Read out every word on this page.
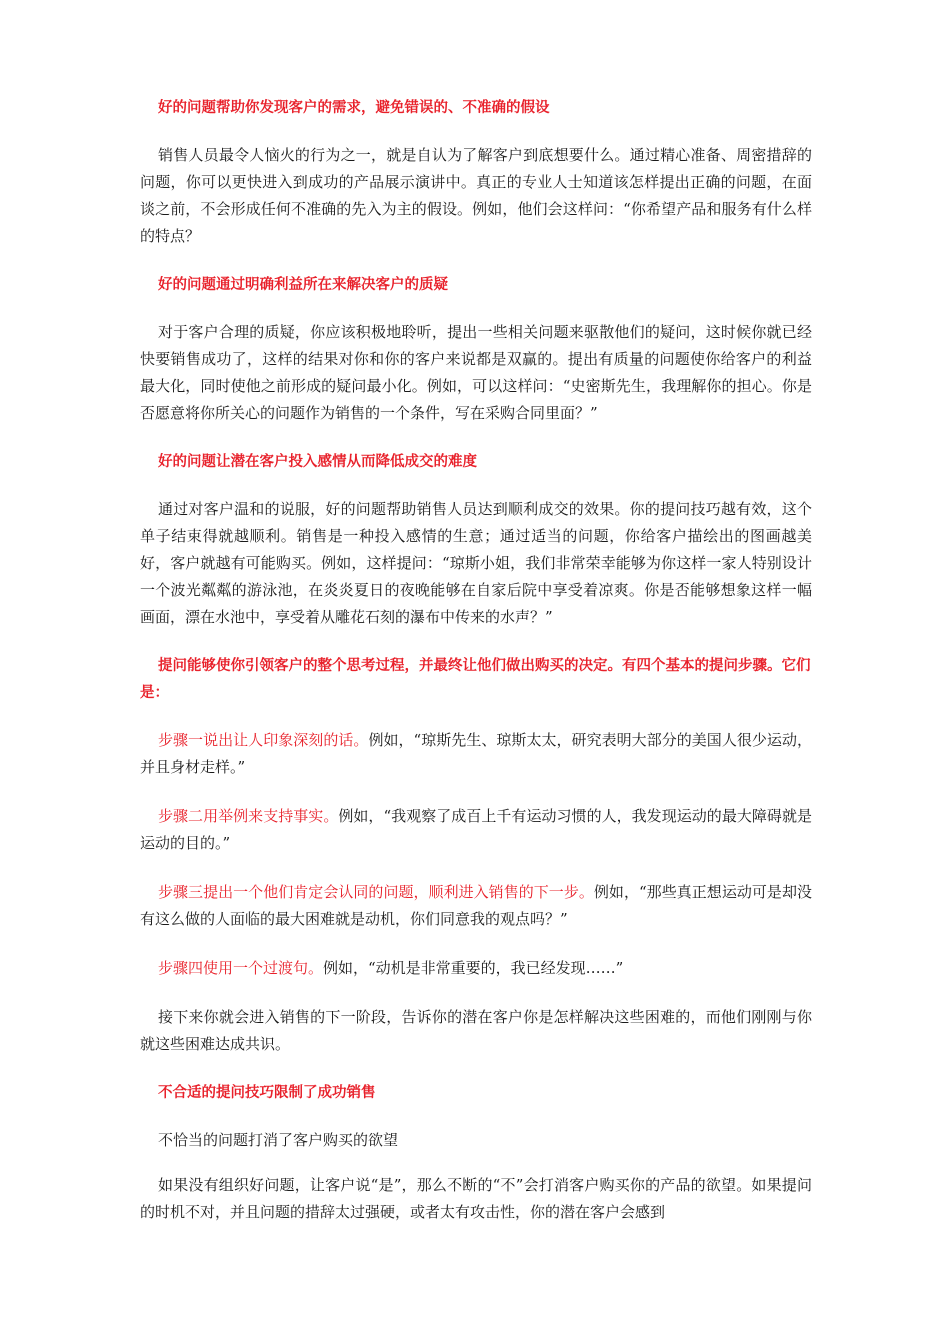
好的问题帮助你发现客户的需求，避免错误的、不准确的假设

销售人员最令人恼火的行为之一，就是自认为了解客户到底想要什么。通过精心准备、周密措辞的问题，你可以更快进入到成功的产品展示演讲中。真正的专业人士知道该怎样提出正确的问题，在面谈之前，不会形成任何不准确的先入为主的假设。例如，他们会这样问：“你希望产品和服务有什么样的特点？

好的问题通过明确利益所在来解决客户的质疑

对于客户合理的质疑，你应该积极地聆听，提出一些相关问题来驱散他们的疑问，这时候你就已经快要销售成功了，这样的结果对你和你的客户来说都是双赢的。提出有质量的问题使你给客户的利益最大化，同时使他之前形成的疑问最小化。例如，可以这样问：“史密斯先生，我理解你的担心。你是否愿意将你所关心的问题作为销售的一个条件，写在采购合同里面？”

好的问题让潜在客户投入感情从而降低成交的难度

通过对客户温和的说服，好的问题帮助销售人员达到顺利成交的效果。你的提问技巧越有效，这个单子结束得就越顺利。销售是一种投入感情的生意；通过适当的问题，你给客户描绘出的图画越美好，客户就越有可能购买。例如，这样提问：“琼斯小姐，我们非常荣幸能够为你这样一家人特别设计一个波光粼粼的游泳池，在炎炎夏日的夜晚能够在自家后院中享受着凉爽。你是否能够想象这样一幅画面，漂在水池中，享受着从雕花石刻的瀑布中传来的水声？”

提问能够使你引领客户的整个思考过程，并最终让他们做出购买的决定。有四个基本的提问步骤。它们是：

步骤一说出让人印象深刻的话。例如，“琼斯先生、琼斯太太，研究表明大部分的美国人很少运动，并且身材走样。”

步骤二用举例来支持事实。例如，“我观察了成百上千有运动习惯的人，我发现运动的最大障碍就是运动的目的。”

步骤三提出一个他们肯定会认同的问题，顺利进入销售的下一步。例如，“那些真正想运动可是却没有这么做的人面临的最大困难就是动机，你们同意我的观点吗？”

步骤四使用一个过渡句。例如，“动机是非常重要的，我已经发现……”

接下来你就会进入销售的下一阶段，告诉你的潜在客户你是怎样解决这些困难的，而他们刚刚与你就这些困难达成共识。

不合适的提问技巧限制了成功销售

不恰当的问题打消了客户购买的欲望

如果没有组织好问题，让客户说“是”，那么不断的“不”会打消客户购买你的产品的欲望。如果提问的时机不对，并且问题的措辞太过强硬，或者太有攻击性，你的潜在客户会感到
